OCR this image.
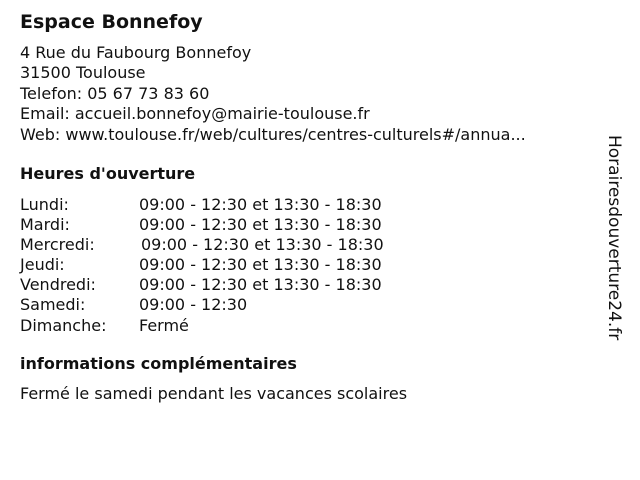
Espace Bonnefoy
4 Rue du Faubourg Bonnefoy
31500 Toulouse
Telefon: 05 67 73 83 60
Email: accueil.bonnefoy@mairie-toulouse.fr
Web: www.toulouse.fr/web/cultures/centres-culturels#/annua...
Heures d'ouverture
Lundi:	09:00 - 12:30 et 13:30 - 18:30
Mardi:	09:00 - 12:30 et 13:30 - 18:30
Mercredi:	09:00 - 12:30 et 13:30 - 18:30
Jeudi:	09:00 - 12:30 et 13:30 - 18:30
Vendredi:	09:00 - 12:30 et 13:30 - 18:30
Samedi:	09:00 - 12:30
Dimanche: Fermé
informations complémentaires
Fermé le samedi pendant les vacances scolaires
Horairesdouverture24.fr
